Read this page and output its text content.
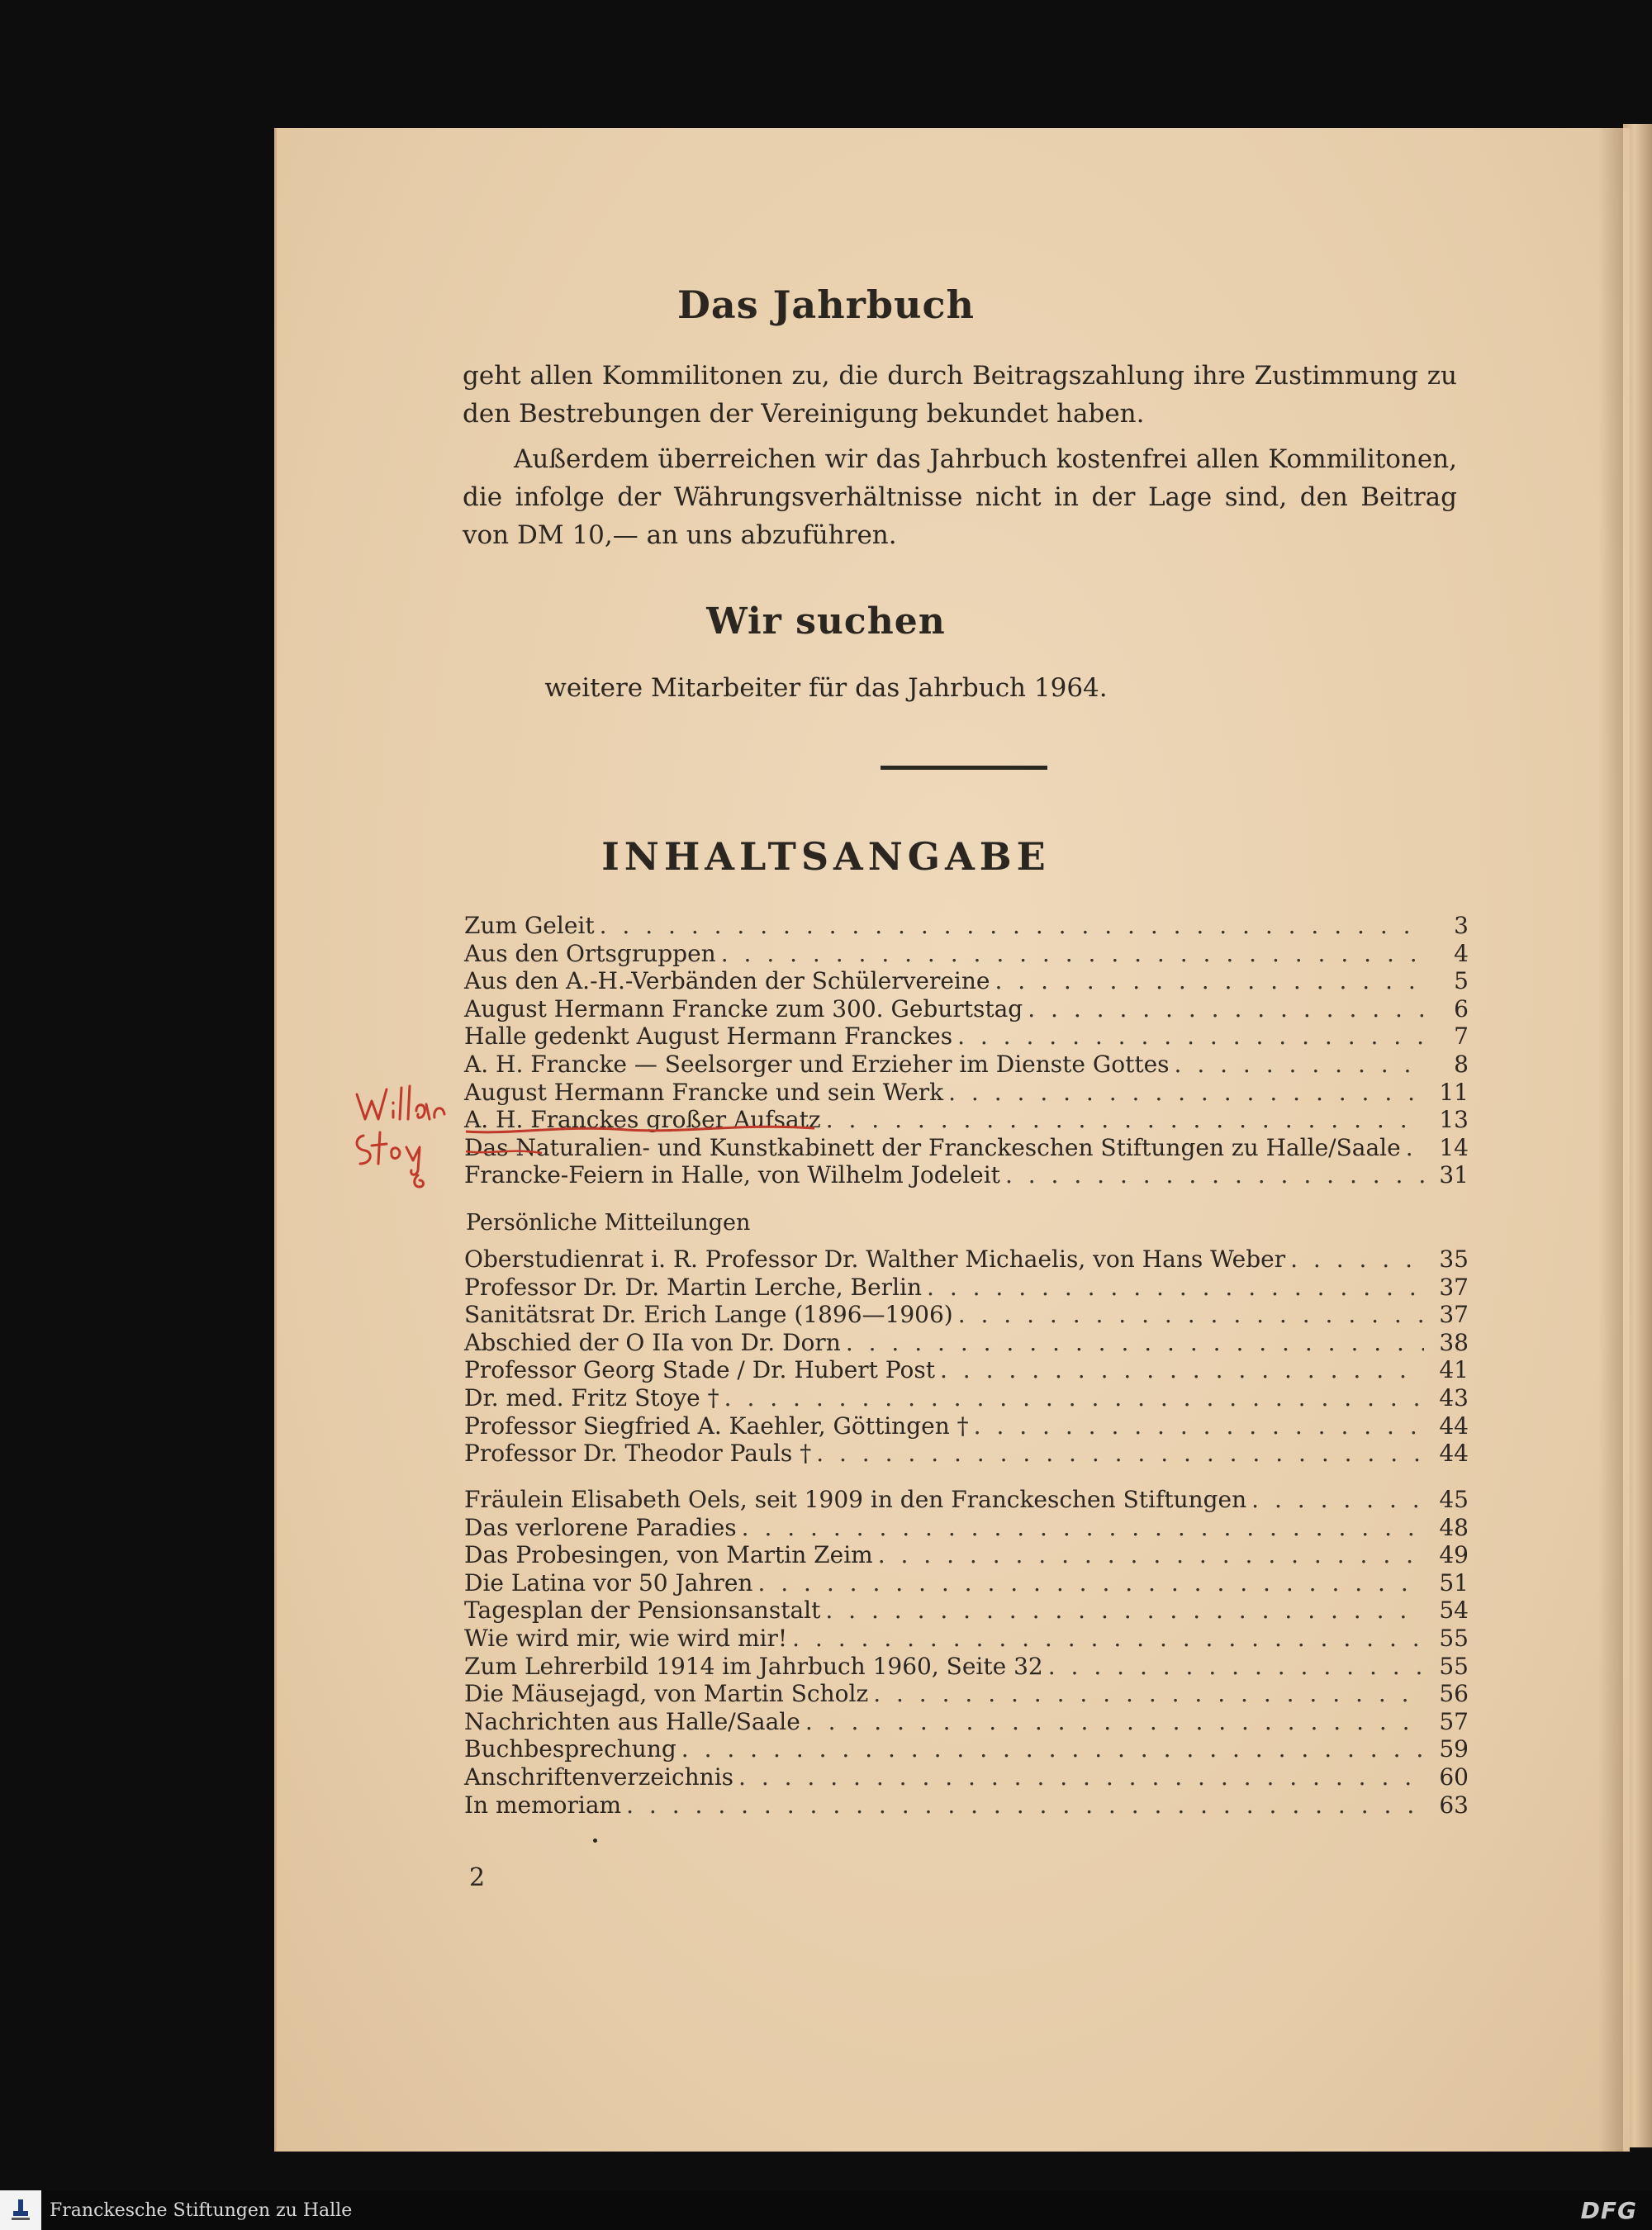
Das Jahrbuch
geht allen Kommilitonen zu, die durch Beitragszahlung ihre Zustimmung zu den Bestrebungen der Vereinigung bekundet haben.
Außerdem überreichen wir das Jahrbuch kostenfrei allen Kommilitonen, die infolge der Währungsverhältnisse nicht in der Lage sind, den Beitrag von DM 10,— an uns abzuführen.
Wir suchen
weitere Mitarbeiter für das Jahrbuch 1964.
INHALTSANGABE
Zum Geleit . . .	3
Aus den Ortsgruppen . . .	4
Aus den A.-H.-Verbänden der Schülervereine . . .	5
August Hermann Francke zum 300. Geburtstag . . .	6
Halle gedenkt August Hermann Franckes . . .	7
A. H. Francke — Seelsorger und Erzieher im Dienste Gottes . . .	8
August Hermann Francke und sein Werk . . .	11
A. H. Franckes großer Aufsatz . . .	13
Das Naturalien- und Kunstkabinett der Franckeschen Stiftungen zu Halle/Saale . . .	14
Francke-Feiern in Halle, von Wilhelm Jodeleit . . .	31
Persönliche Mitteilungen
Oberstudienrat i. R. Professor Dr. Walther Michaelis, von Hans Weber . . .	35
Professor Dr. Dr. Martin Lerche, Berlin . . .	37
Sanitätsrat Dr. Erich Lange (1896—1906) . . .	37
Abschied der O IIa von Dr. Dorn . . .	38
Professor Georg Stade / Dr. Hubert Post . . .	41
Dr. med. Fritz Stoye † . . .	43
Professor Siegfried A. Kaehler, Göttingen † . . .	44
Professor Dr. Theodor Pauls † . . .	44
Fräulein Elisabeth Oels, seit 1909 in den Franckeschen Stiftungen . . .	45
Das verlorene Paradies . . .	48
Das Probesingen, von Martin Zeim . . .	49
Die Latina vor 50 Jahren . . .	51
Tagesplan der Pensionsanstalt . . .	54
Wie wird mir, wie wird mir! . . .	55
Zum Lehrerbild 1914 im Jahrbuch 1960, Seite 32 . . .	55
Die Mäusejagd, von Martin Scholz . . .	56
Nachrichten aus Halle/Saale . . .	57
Buchbesprechung . . .	59
Anschriftenverzeichnis . . .	60
In memoriam . . .	63
2
Franckesche Stiftungen zu Halle	DFG
